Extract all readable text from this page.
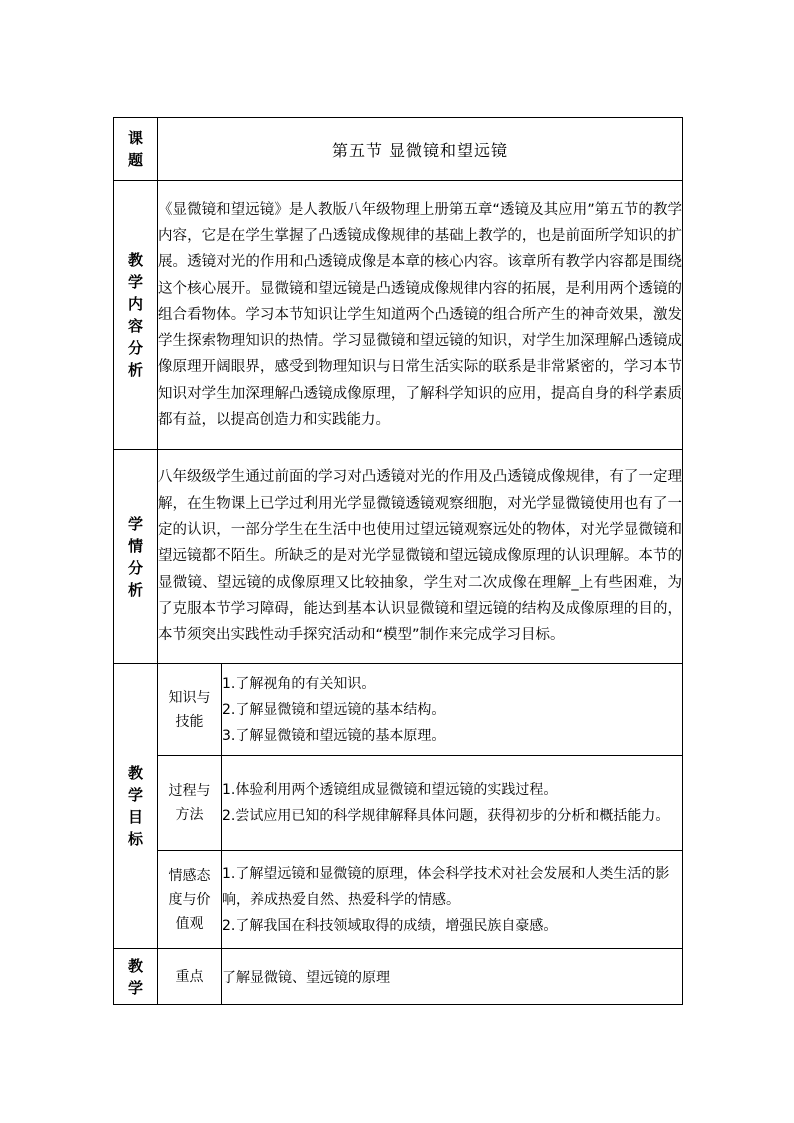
课题	第五节 显微镜和望远镜	
教学内容分析	《显微镜和望远镜》是人教版八年级物理上册第五章“透镜及其应用”第五节的教学内容，它是在学生掌握了凸透镜成像规律的基础上教学的，也是前面所学知识的扩展。透镜对光的作用和凸透镜成像是本章的核心内容。该章所有教学内容都是围绕这个核心展开。显微镜和望远镜是凸透镜成像规律内容的拓展，是利用两个透镜的组合看物体。学习本节知识让学生知道两个凸透镜的组合所产生的神奇效果，激发学生探索物理知识的热情。学习显微镜和望远镜的知识，对学生加深理解凸透镜成像原理开阔眼界，感受到物理知识与日常生活实际的联系是非常紧密的，学习本节知识对学生加深理解凸透镜成像原理，了解科学知识的应用，提高自身的科学素质都有益，以提高创造力和实践能力。	

学情分析	八年级级学生通过前面的学习对凸透镜对光的作用及凸透镜成像规律，有了一定理解，在生物课上已学过利用光学显微镜透镜观察细胞，对光学显微镜使用也有了一定的认识，一部分学生在生活中也使用过望远镜观察远处的物体，对光学显微镜和望远镜都不陌生。所缺乏的是对光学显微镜和望远镜成像原理的认识理解。本节的显微镜、望远镜的成像原理又比较抽象，学生对二次成像在理解_上有些困难，为了克服本节学习障碍，能达到基本认识显微镜和望远镜的结构及成像原理的目的，本节须突出实践性动手探究活动和“模型”制作来完成学习目标。	

教学目标	知识与技能	1.了解视角的有关知识。
2.了解显微镜和望远镜的基本结构。
3.了解显微镜和望远镜的基本原理。

	过程与方法	1.体验利用两个透镜组成显微镜和望远镜的实践过程。
2.尝试应用已知的科学规律解释具体问题，获得初步的分析和概括能力。

	情感态度与价值观	1.了解望远镜和显微镜的原理，体会科学技术对社会发展和人类生活的影响，养成热爱自然、热爱科学的情感。
2.了解我国在科技领域取得的成绩，增强民族自豪感。

教学	重点	了解显微镜、望远镜的原理
